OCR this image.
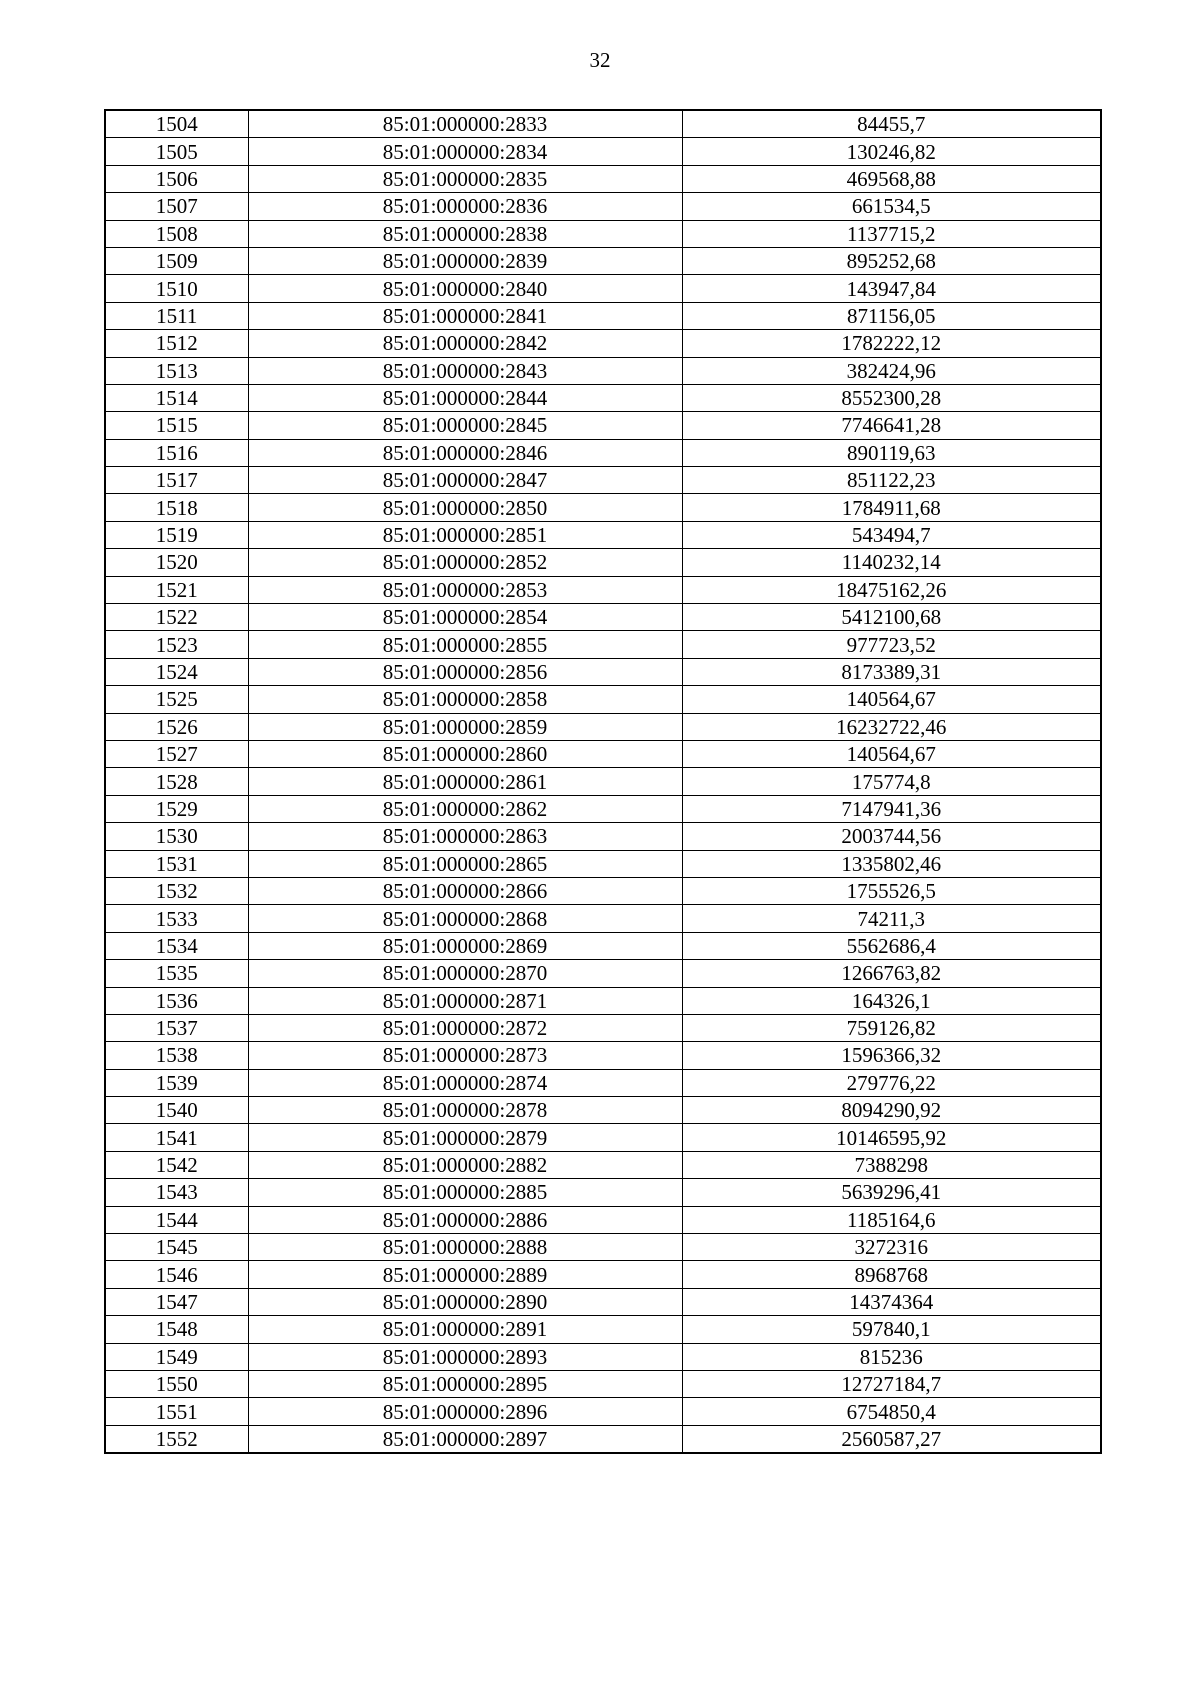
32
1504	85:01:000000:2833	84455,7
1505	85:01:000000:2834	130246,82
1506	85:01:000000:2835	469568,88
1507	85:01:000000:2836	661534,5
1508	85:01:000000:2838	1137715,2
1509	85:01:000000:2839	895252,68
1510	85:01:000000:2840	143947,84
1511	85:01:000000:2841	871156,05
1512	85:01:000000:2842	1782222,12
1513	85:01:000000:2843	382424,96
1514	85:01:000000:2844	8552300,28
1515	85:01:000000:2845	7746641,28
1516	85:01:000000:2846	890119,63
1517	85:01:000000:2847	851122,23
1518	85:01:000000:2850	1784911,68
1519	85:01:000000:2851	543494,7
1520	85:01:000000:2852	1140232,14
1521	85:01:000000:2853	18475162,26
1522	85:01:000000:2854	5412100,68
1523	85:01:000000:2855	977723,52
1524	85:01:000000:2856	8173389,31
1525	85:01:000000:2858	140564,67
1526	85:01:000000:2859	16232722,46
1527	85:01:000000:2860	140564,67
1528	85:01:000000:2861	175774,8
1529	85:01:000000:2862	7147941,36
1530	85:01:000000:2863	2003744,56
1531	85:01:000000:2865	1335802,46
1532	85:01:000000:2866	1755526,5
1533	85:01:000000:2868	74211,3
1534	85:01:000000:2869	5562686,4
1535	85:01:000000:2870	1266763,82
1536	85:01:000000:2871	164326,1
1537	85:01:000000:2872	759126,82
1538	85:01:000000:2873	1596366,32
1539	85:01:000000:2874	279776,22
1540	85:01:000000:2878	8094290,92
1541	85:01:000000:2879	10146595,92
1542	85:01:000000:2882	7388298
1543	85:01:000000:2885	5639296,41
1544	85:01:000000:2886	1185164,6
1545	85:01:000000:2888	3272316
1546	85:01:000000:2889	8968768
1547	85:01:000000:2890	14374364
1548	85:01:000000:2891	597840,1
1549	85:01:000000:2893	815236
1550	85:01:000000:2895	12727184,7
1551	85:01:000000:2896	6754850,4
1552	85:01:000000:2897	2560587,27
